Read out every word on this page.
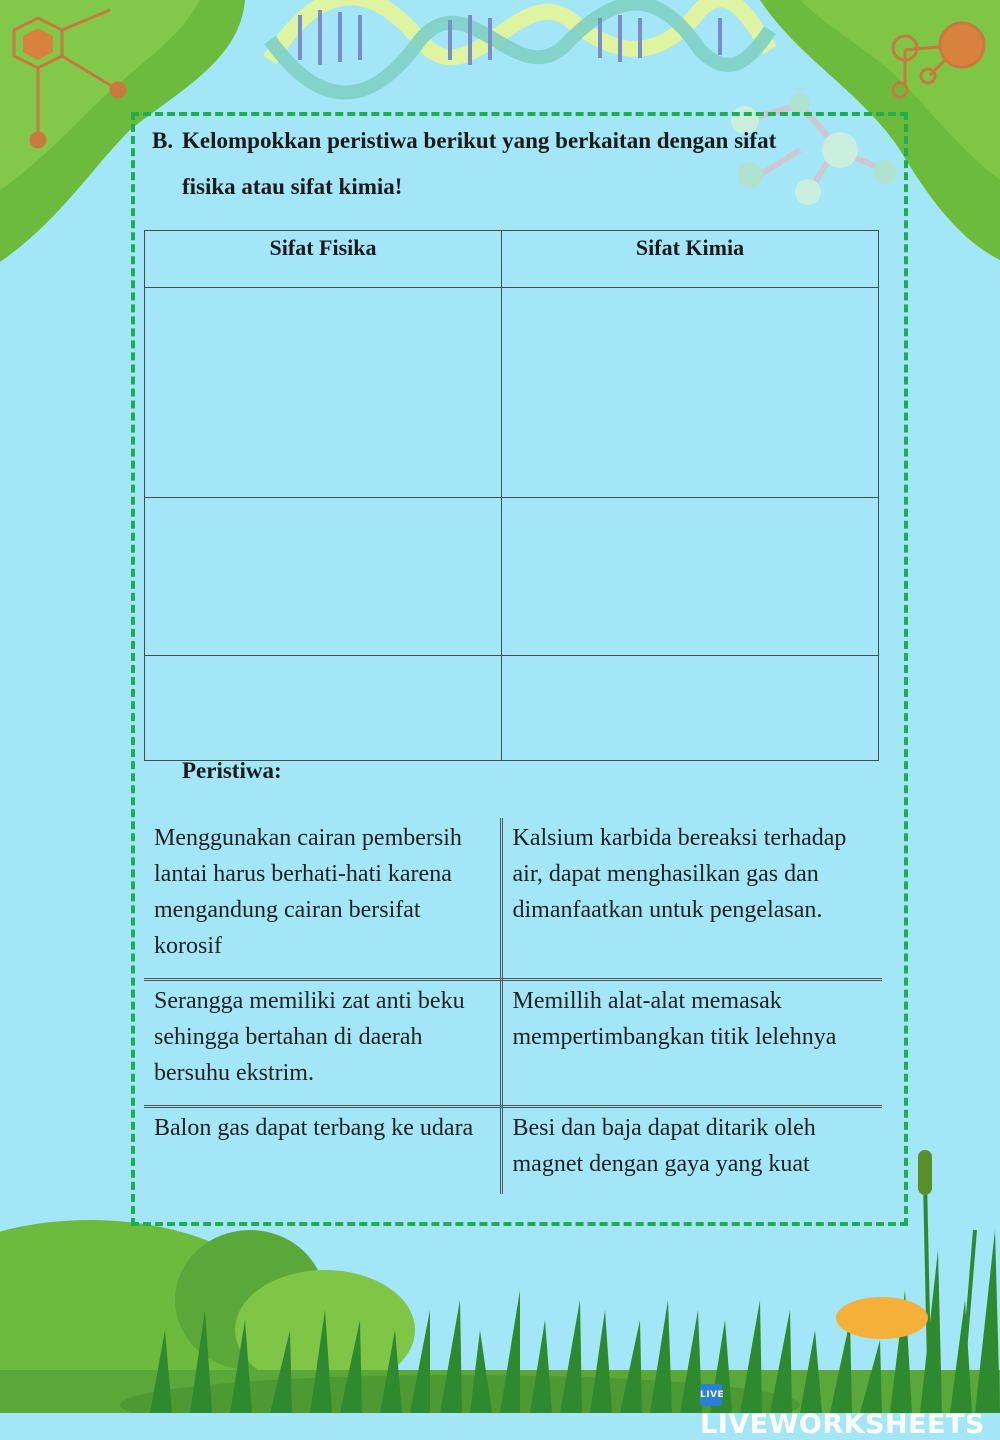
B. Kelompokkan peristiwa berikut yang berkaitan dengan sifat
fisika atau sifat kimia!
Sifat Fisika	Sifat Kimia

Peristiwa:
Menggunakan cairan pembersih lantai harus berhati-hati karena mengandung cairan bersifat korosif	Kalsium karbida bereaksi terhadap air, dapat menghasilkan gas dan dimanfaatkan untuk pengelasan.
Serangga memiliki zat anti beku sehingga bertahan di daerah bersuhu ekstrim.	Memillih alat-alat memasak mempertimbangkan titik lelehnya
Balon gas dapat terbang ke udara	Besi dan baja dapat ditarik oleh magnet dengan gaya yang kuat
LIVELIVEWORKSHEETS
